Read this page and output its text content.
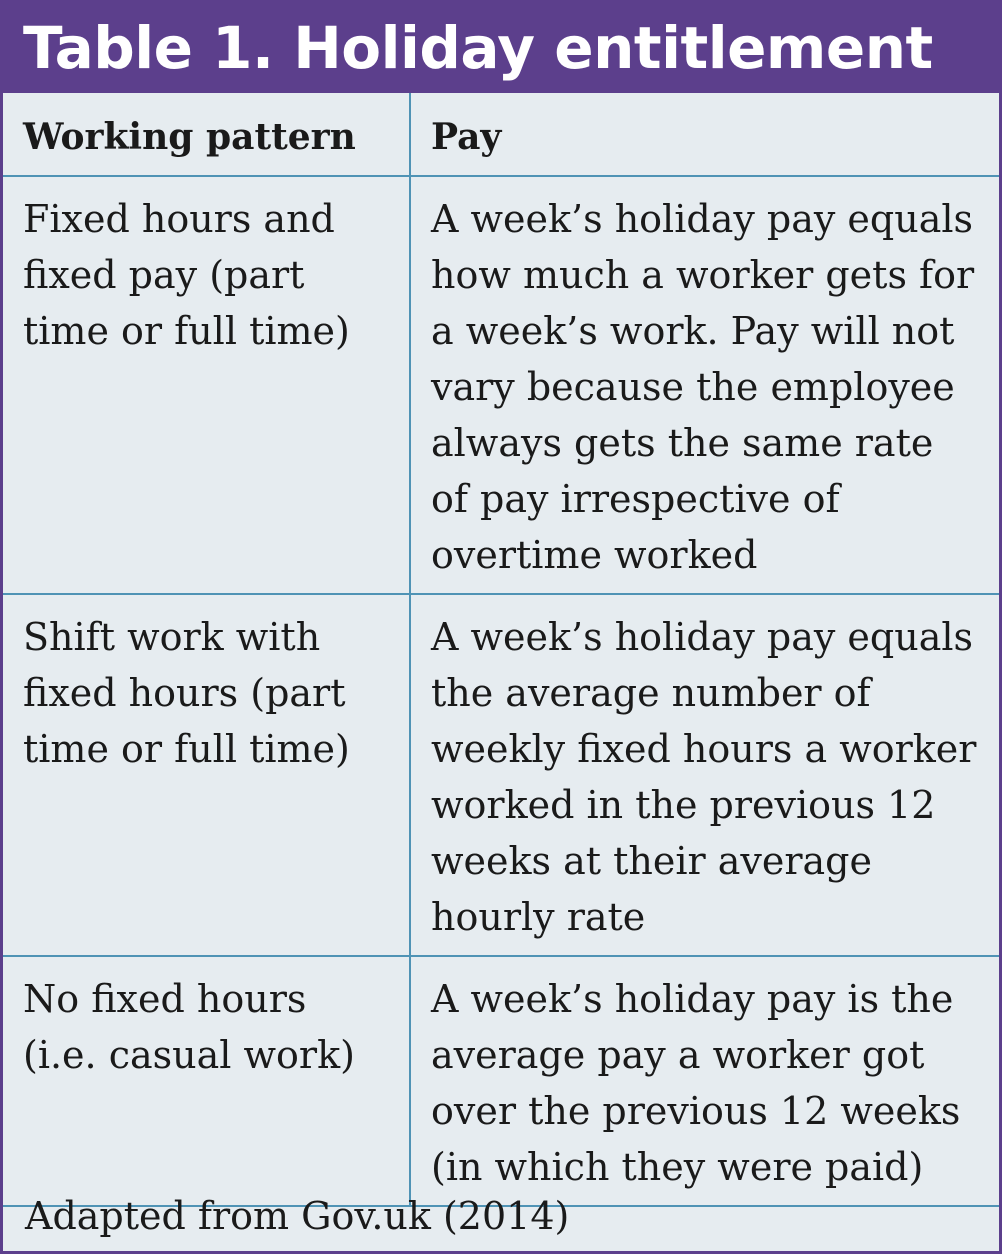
Table 1. Holiday entitlement
Working pattern	Pay
Fixed hours and fixed pay (part time or full time)	A week’s holiday pay equals how much a worker gets for a week’s work. Pay will not vary because the employee always gets the same rate of pay irrespective of overtime worked
Shift work with fixed hours (part time or full time)	A week’s holiday pay equals the average number of weekly fixed hours a worker worked in the previous 12 weeks at their average hourly rate
No fixed hours (i.e. casual work)	A week’s holiday pay is the average pay a worker got over the previous 12 weeks (in which they were paid)
Adapted from Gov.uk (2014)
